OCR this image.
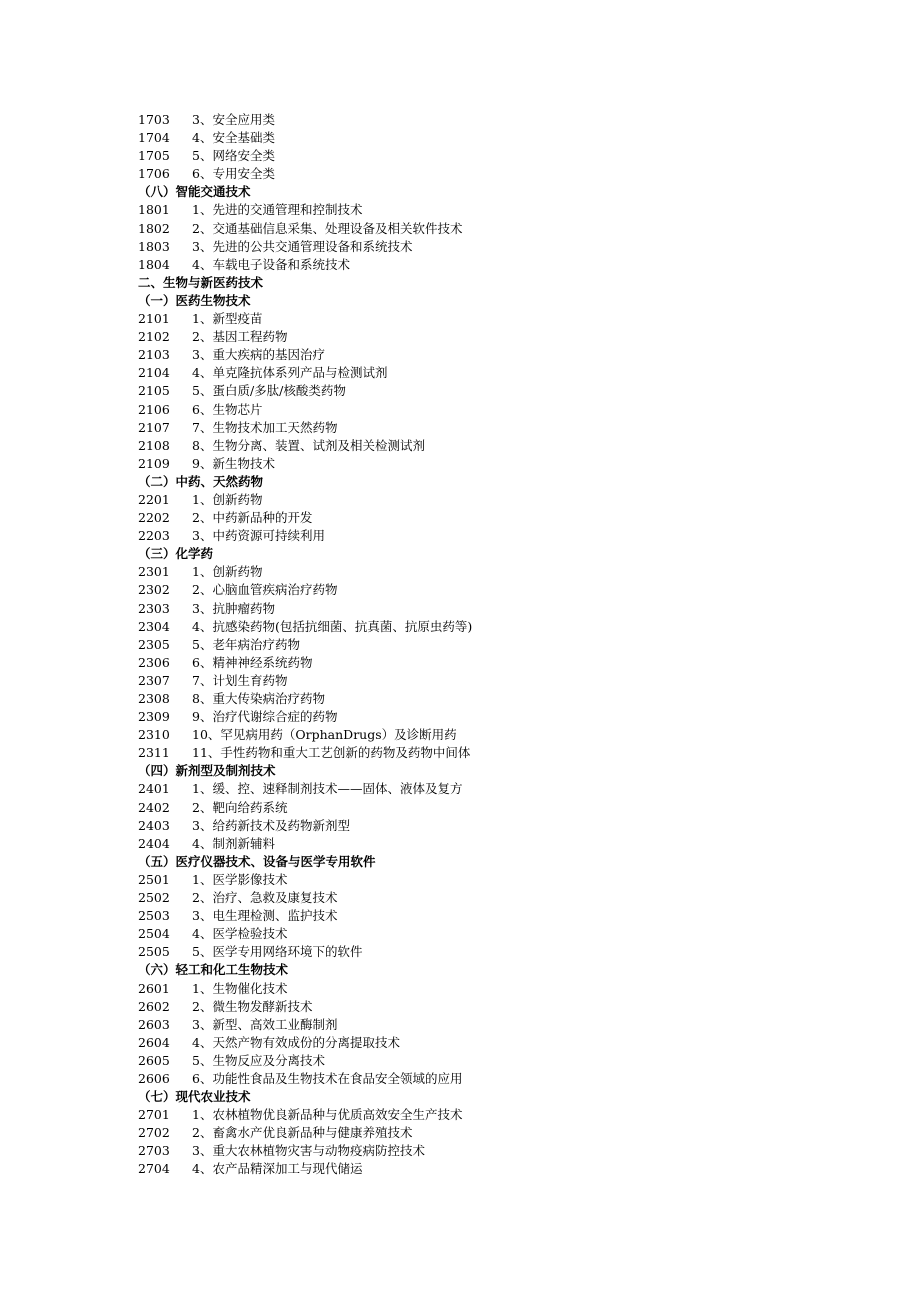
1703 3、安全应用类
1704 4、安全基础类
1705 5、网络安全类
1706 6、专用安全类
（八）智能交通技术
1801 1、先进的交通管理和控制技术
1802 2、交通基础信息采集、处理设备及相关软件技术
1803 3、先进的公共交通管理设备和系统技术
1804 4、车载电子设备和系统技术
二、生物与新医药技术
（一）医药生物技术
2101 1、新型疫苗
2102 2、基因工程药物
2103 3、重大疾病的基因治疗
2104 4、单克隆抗体系列产品与检测试剂
2105 5、蛋白质/多肽/核酸类药物
2106 6、生物芯片
2107 7、生物技术加工天然药物
2108 8、生物分离、装置、试剂及相关检测试剂
2109 9、新生物技术
（二）中药、天然药物
2201 1、创新药物
2202 2、中药新品种的开发
2203 3、中药资源可持续利用
（三）化学药
2301 1、创新药物
2302 2、心脑血管疾病治疗药物
2303 3、抗肿瘤药物
2304 4、抗感染药物(包括抗细菌、抗真菌、抗原虫药等)
2305 5、老年病治疗药物
2306 6、精神神经系统药物
2307 7、计划生育药物
2308 8、重大传染病治疗药物
2309 9、治疗代谢综合症的药物
2310 10、罕见病用药（OrphanDrugs）及诊断用药
2311 11、手性药物和重大工艺创新的药物及药物中间体
（四）新剂型及制剂技术
2401 1、缓、控、速释制剂技术——固体、液体及复方
2402 2、靶向给药系统
2403 3、给药新技术及药物新剂型
2404 4、制剂新辅料
（五）医疗仪器技术、设备与医学专用软件
2501 1、医学影像技术
2502 2、治疗、急救及康复技术
2503 3、电生理检测、监护技术
2504 4、医学检验技术
2505 5、医学专用网络环境下的软件
（六）轻工和化工生物技术
2601 1、生物催化技术
2602 2、微生物发酵新技术
2603 3、新型、高效工业酶制剂
2604 4、天然产物有效成份的分离提取技术
2605 5、生物反应及分离技术
2606 6、功能性食品及生物技术在食品安全领域的应用
（七）现代农业技术
2701 1、农林植物优良新品种与优质高效安全生产技术
2702 2、畜禽水产优良新品种与健康养殖技术
2703 3、重大农林植物灾害与动物疫病防控技术
2704 4、农产品精深加工与现代储运
